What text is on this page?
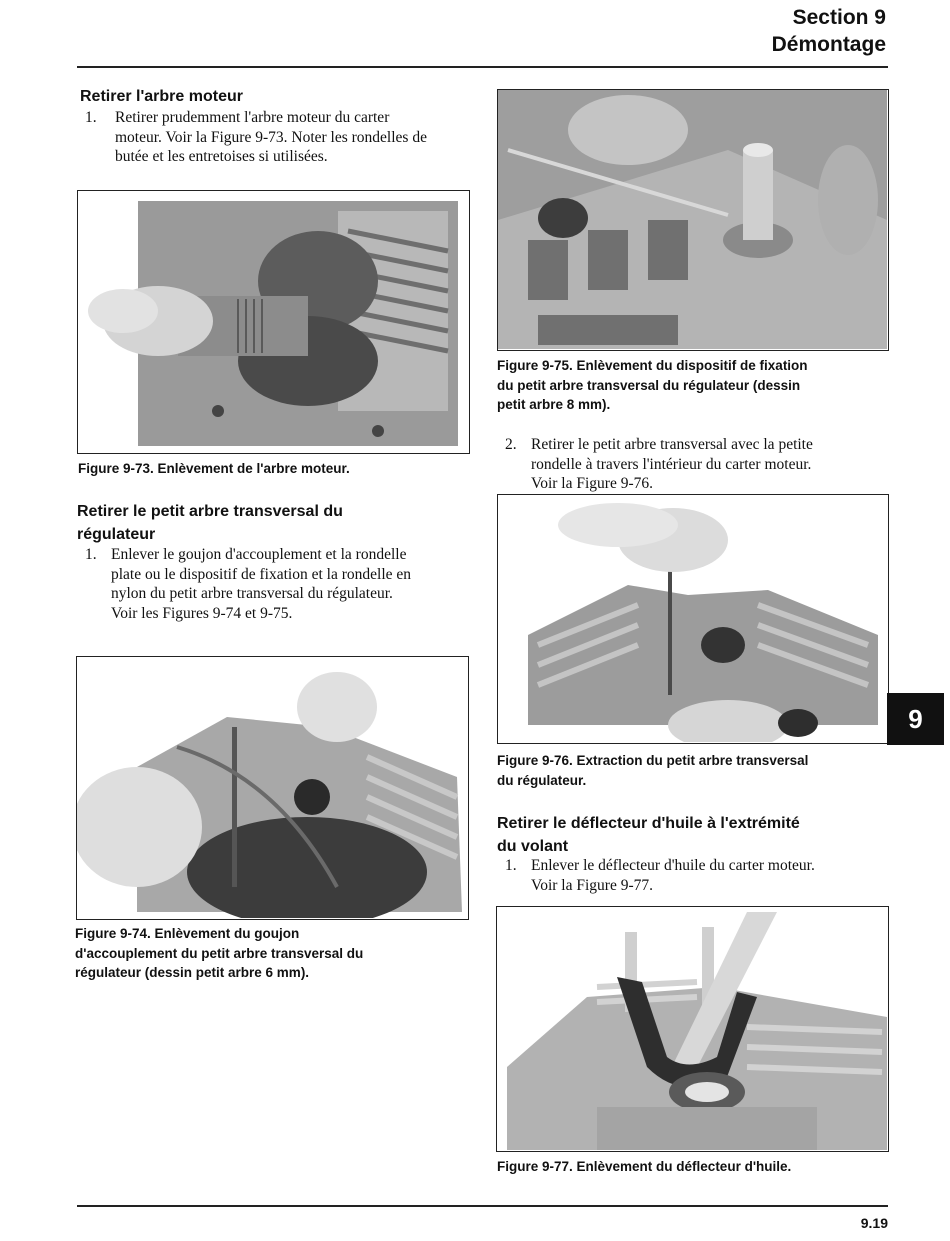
Section 9
Démontage
Retirer l'arbre moteur
1. Retirer prudemment l'arbre moteur du carter
moteur. Voir la Figure 9-73. Noter les rondelles de
butée et les entretoises si utilisées.
Figure 9-73. Enlèvement de l'arbre moteur.
Retirer le petit arbre transversal du
régulateur
1. Enlever le goujon d'accouplement et la rondelle
plate ou le dispositif de fixation et la rondelle en
nylon du petit arbre transversal du régulateur.
Voir les Figures 9-74 et 9-75.
Figure 9-74. Enlèvement du goujon
d'accouplement du petit arbre transversal du
régulateur (dessin petit arbre 6 mm).
Figure 9-75. Enlèvement du dispositif de fixation
du petit arbre transversal du régulateur (dessin
petit arbre 8 mm).
2. Retirer le petit arbre transversal avec la petite
rondelle à travers l'intérieur du carter moteur.
Voir la Figure 9-76.
Figure 9-76. Extraction du petit arbre transversal
du régulateur.
Retirer le déflecteur d'huile à l'extrémité
du volant
1. Enlever le déflecteur d'huile du carter moteur.
Voir la Figure 9-77.
Figure 9-77. Enlèvement du déflecteur d'huile.
9
9.19
